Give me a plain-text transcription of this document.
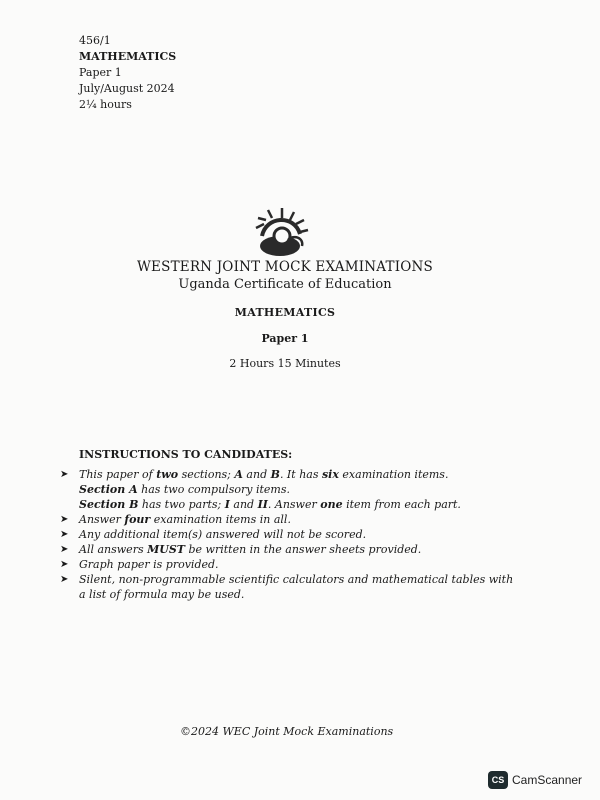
456/1
MATHEMATICS
Paper 1
July/August 2024
2¼ hours
WESTERN JOINT MOCK EXAMINATIONS
Uganda Certificate of Education
MATHEMATICS
Paper 1
2 Hours 15 Minutes
INSTRUCTIONS TO CANDIDATES:
➤ This paper of two sections; A and B. It has six examination items.
Section A has two compulsory items.
Section B has two parts; I and II. Answer one item from each part.
➤ Answer four examination items in all.
➤ Any additional item(s) answered will not be scored.
➤ All answers MUST be written in the answer sheets provided.
➤ Graph paper is provided.
➤ Silent, non-programmable scientific calculators and mathematical tables with a list of formula may be used.
©2024 WEC Joint Mock Examinations
CS CamScanner
